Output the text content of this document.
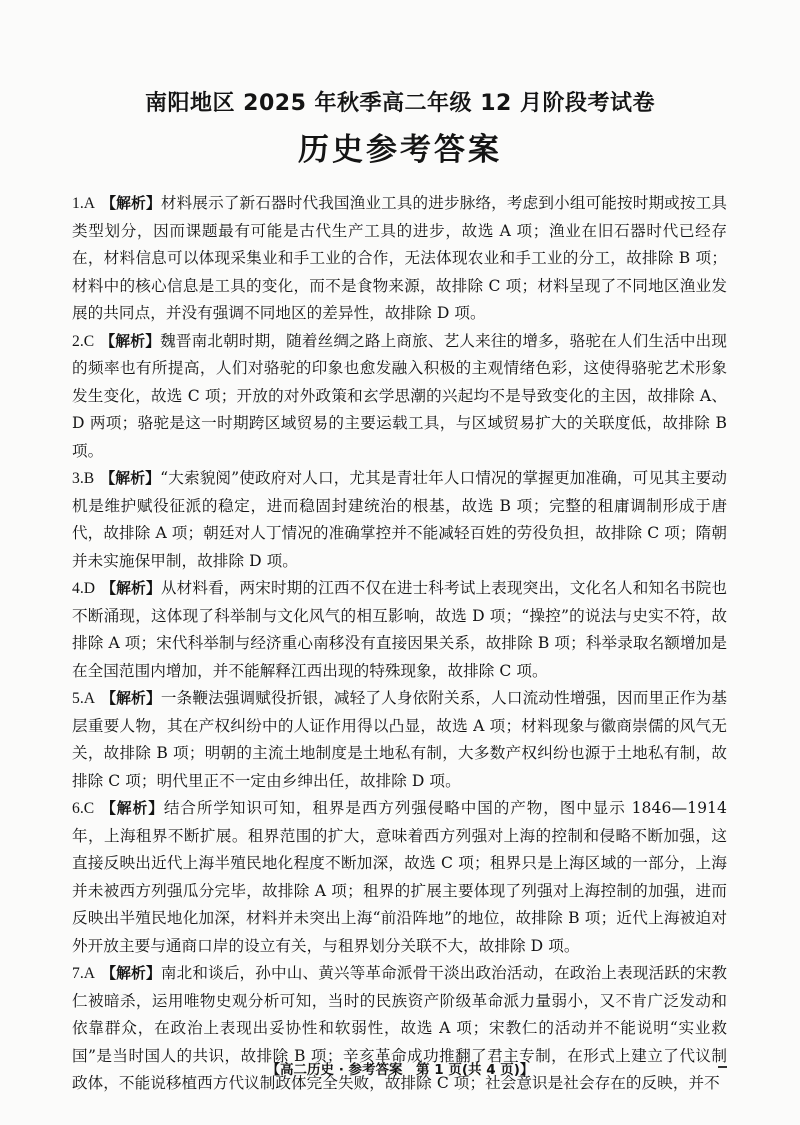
南阳地区 2025 年秋季高二年级 12 月阶段考试卷
历史参考答案

1.A 【解析】材料展示了新石器时代我国渔业工具的进步脉络，考虑到小组可能按时期或按工具类型划分，因而课题最有可能是古代生产工具的进步，故选 A 项；渔业在旧石器时代已经存在，材料信息可以体现采集业和手工业的合作，无法体现农业和手工业的分工，故排除 B 项；材料中的核心信息是工具的变化，而不是食物来源，故排除 C 项；材料呈现了不同地区渔业发展的共同点，并没有强调不同地区的差异性，故排除 D 项。

2.C 【解析】魏晋南北朝时期，随着丝绸之路上商旅、艺人来往的增多，骆驼在人们生活中出现的频率也有所提高，人们对骆驼的印象也愈发融入积极的主观情绪色彩，这使得骆驼艺术形象发生变化，故选 C 项；开放的对外政策和玄学思潮的兴起均不是导致变化的主因，故排除 A、D 两项；骆驼是这一时期跨区域贸易的主要运载工具，与区域贸易扩大的关联度低，故排除 B 项。

3.B 【解析】“大索貌阅”使政府对人口，尤其是青壮年人口情况的掌握更加准确，可见其主要动机是维护赋役征派的稳定，进而稳固封建统治的根基，故选 B 项；完整的租庸调制形成于唐代，故排除 A 项；朝廷对人丁情况的准确掌控并不能减轻百姓的劳役负担，故排除 C 项；隋朝并未实施保甲制，故排除 D 项。

4.D 【解析】从材料看，两宋时期的江西不仅在进士科考试上表现突出，文化名人和知名书院也不断涌现，这体现了科举制与文化风气的相互影响，故选 D 项；“操控”的说法与史实不符，故排除 A 项；宋代科举制与经济重心南移没有直接因果关系，故排除 B 项；科举录取名额增加是在全国范围内增加，并不能解释江西出现的特殊现象，故排除 C 项。

5.A 【解析】一条鞭法强调赋役折银，减轻了人身依附关系，人口流动性增强，因而里正作为基层重要人物，其在产权纠纷中的人证作用得以凸显，故选 A 项；材料现象与徽商崇儒的风气无关，故排除 B 项；明朝的主流土地制度是土地私有制，大多数产权纠纷也源于土地私有制，故排除 C 项；明代里正不一定由乡绅出任，故排除 D 项。

6.C 【解析】结合所学知识可知，租界是西方列强侵略中国的产物，图中显示 1846—1914 年，上海租界不断扩展。租界范围的扩大，意味着西方列强对上海的控制和侵略不断加强，这直接反映出近代上海半殖民地化程度不断加深，故选 C 项；租界只是上海区域的一部分，上海并未被西方列强瓜分完毕，故排除 A 项；租界的扩展主要体现了列强对上海控制的加强，进而反映出半殖民地化加深，材料并未突出上海“前沿阵地”的地位，故排除 B 项；近代上海被迫对外开放主要与通商口岸的设立有关，与租界划分关联不大，故排除 D 项。

7.A 【解析】南北和谈后，孙中山、黄兴等革命派骨干淡出政治活动，在政治上表现活跃的宋教仁被暗杀，运用唯物史观分析可知，当时的民族资产阶级革命派力量弱小，又不肯广泛发动和依靠群众，在政治上表现出妥协性和软弱性，故选 A 项；宋教仁的活动并不能说明“实业救国”是当时国人的共识，故排除 B 项；辛亥革命成功推翻了君主专制，在形式上建立了代议制政体，不能说移植西方代议制政体完全失败，故排除 C 项；社会意识是社会存在的反映，并不

【高二历史 · 参考答案　第 1 页(共 4 页)】
